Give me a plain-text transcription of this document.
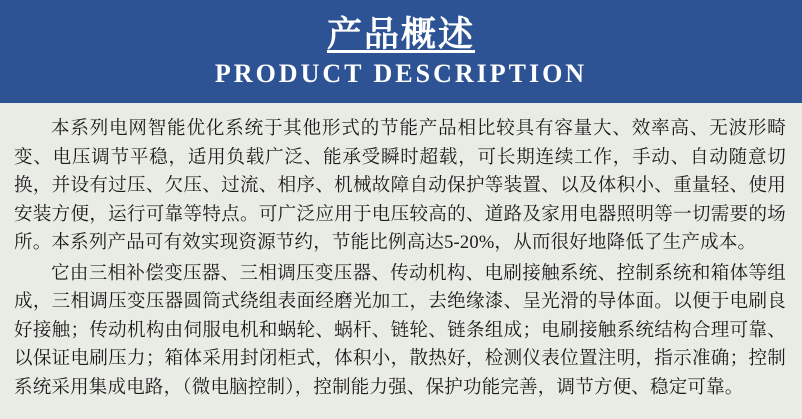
产品概述
PRODUCT DESCRIPTION

本系列电网智能优化系统于其他形式的节能产品相比较具有容量大、效率高、无波形畸变、电压调节平稳，适用负载广泛、能承受瞬时超载，可长期连续工作，手动、自动随意切换，并设有过压、欠压、过流、相序、机械故障自动保护等装置、以及体积小、重量轻、使用安装方便，运行可靠等特点。可广泛应用于电压较高的、道路及家用电器照明等一切需要的场所。本系列产品可有效实现资源节约，节能比例高达5-20%，从而很好地降低了生产成本。

它由三相补偿变压器、三相调压变压器、传动机构、电刷接触系统、控制系统和箱体等组成，三相调压变压器圆筒式绕组表面经磨光加工，去绝缘漆、呈光滑的导体面。以便于电刷良好接触；传动机构由伺服电机和蜗轮、蜗杆、链轮、链条组成；电刷接触系统结构合理可靠、以保证电刷压力；箱体采用封闭柜式，体积小，散热好，检测仪表位置注明，指示准确；控制系统采用集成电路，（微电脑控制），控制能力强、保护功能完善，调节方便、稳定可靠。
